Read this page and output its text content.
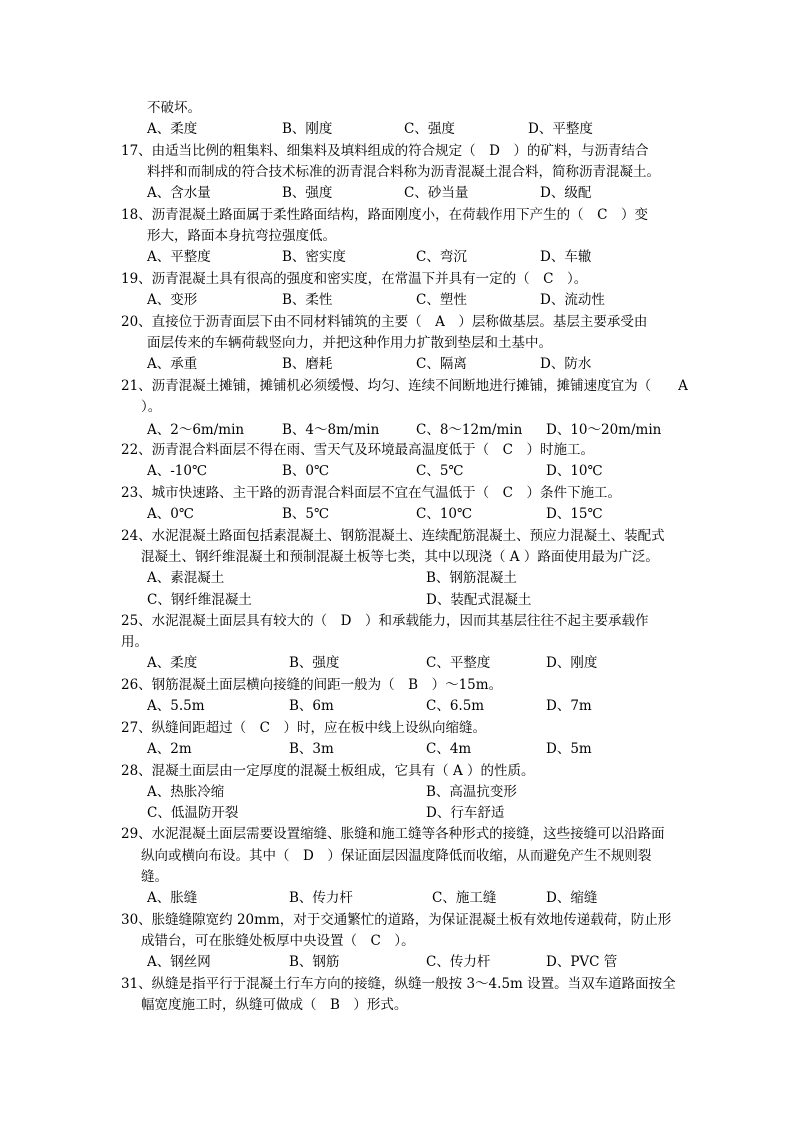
不破坏。
A、柔度	B、刚度	C、强度	D、平整度
17、由适当比例的粗集料、细集料及填料组成的符合规定（　D　）的矿料，与沥青结合
料拌和而制成的符合技术标准的沥青混合料称为沥青混凝土混合料，简称沥青混凝土。
A、含水量	B、强度	C、砂当量	D、级配
18、沥青混凝土路面属于柔性路面结构，路面刚度小，在荷载作用下产生的（　C　）变
形大，路面本身抗弯拉强度低。
A、平整度	B、密实度	C、弯沉	D、车辙
19、沥青混凝土具有很高的强度和密实度，在常温下并具有一定的（　C　）。
A、变形	B、柔性	C、塑性	D、流动性
20、直接位于沥青面层下由不同材料铺筑的主要（　A　）层称做基层。基层主要承受由
面层传来的车辆荷载竖向力，并把这种作用力扩散到垫层和土基中。
A、承重	B、磨耗	C、隔离	D、防水
21、沥青混凝土摊铺，摊铺机必须缓慢、均匀、连续不间断地进行摊铺，摊铺速度宜为（　　A
）。
A、2～6m/min	B、4～8m/min	C、8～12m/min D、10～20m/min
22、沥青混合料面层不得在雨、雪天气及环境最高温度低于（　C　）时施工。
A、-10℃	B、0℃	C、5℃	D、10℃
23、城市快速路、主干路的沥青混合料面层不宜在气温低于（　C　）条件下施工。
A、0℃	B、5℃	C、10℃	D、15℃
24、水泥混凝土路面包括素混凝土、钢筋混凝土、连续配筋混凝土、预应力混凝土、装配式
混凝土、钢纤维混凝土和预制混凝土板等七类，其中以现浇（ A ）路面使用最为广泛。
A、素混凝土	B、钢筋混凝土
C、钢纤维混凝土	D、装配式混凝土
25、水泥混凝土面层具有较大的（　D　）和承载能力，因而其基层往往不起主要承载作
用。
A、柔度	B、强度	C、平整度	D、刚度
26、钢筋混凝土面层横向接缝的间距一般为（　B　）～15m。
A、5.5m	B、6m	C、6.5m	D、7m
27、纵缝间距超过（　C　）时，应在板中线上设纵向缩缝。
A、2m	B、3m	C、4m	D、5m
28、混凝土面层由一定厚度的混凝土板组成，它具有（ A ）的性质。
A、热胀冷缩	B、高温抗变形
C、低温防开裂	D、行车舒适
29、水泥混凝土面层需要设置缩缝、胀缝和施工缝等各种形式的接缝，这些接缝可以沿路面
纵向或横向布设。其中（　D　）保证面层因温度降低而收缩，从而避免产生不规则裂
缝。
A、胀缝	B、传力杆	C、施工缝	D、缩缝
30、胀缝缝隙宽约 20mm，对于交通繁忙的道路，为保证混凝土板有效地传递载荷，防止形
成错台，可在胀缝处板厚中央设置（　C　）。
A、钢丝网	B、钢筋	C、传力杆	D、PVC 管
31、纵缝是指平行于混凝土行车方向的接缝，纵缝一般按 3～4.5m 设置。当双车道路面按全
幅宽度施工时，纵缝可做成（　B　）形式。
